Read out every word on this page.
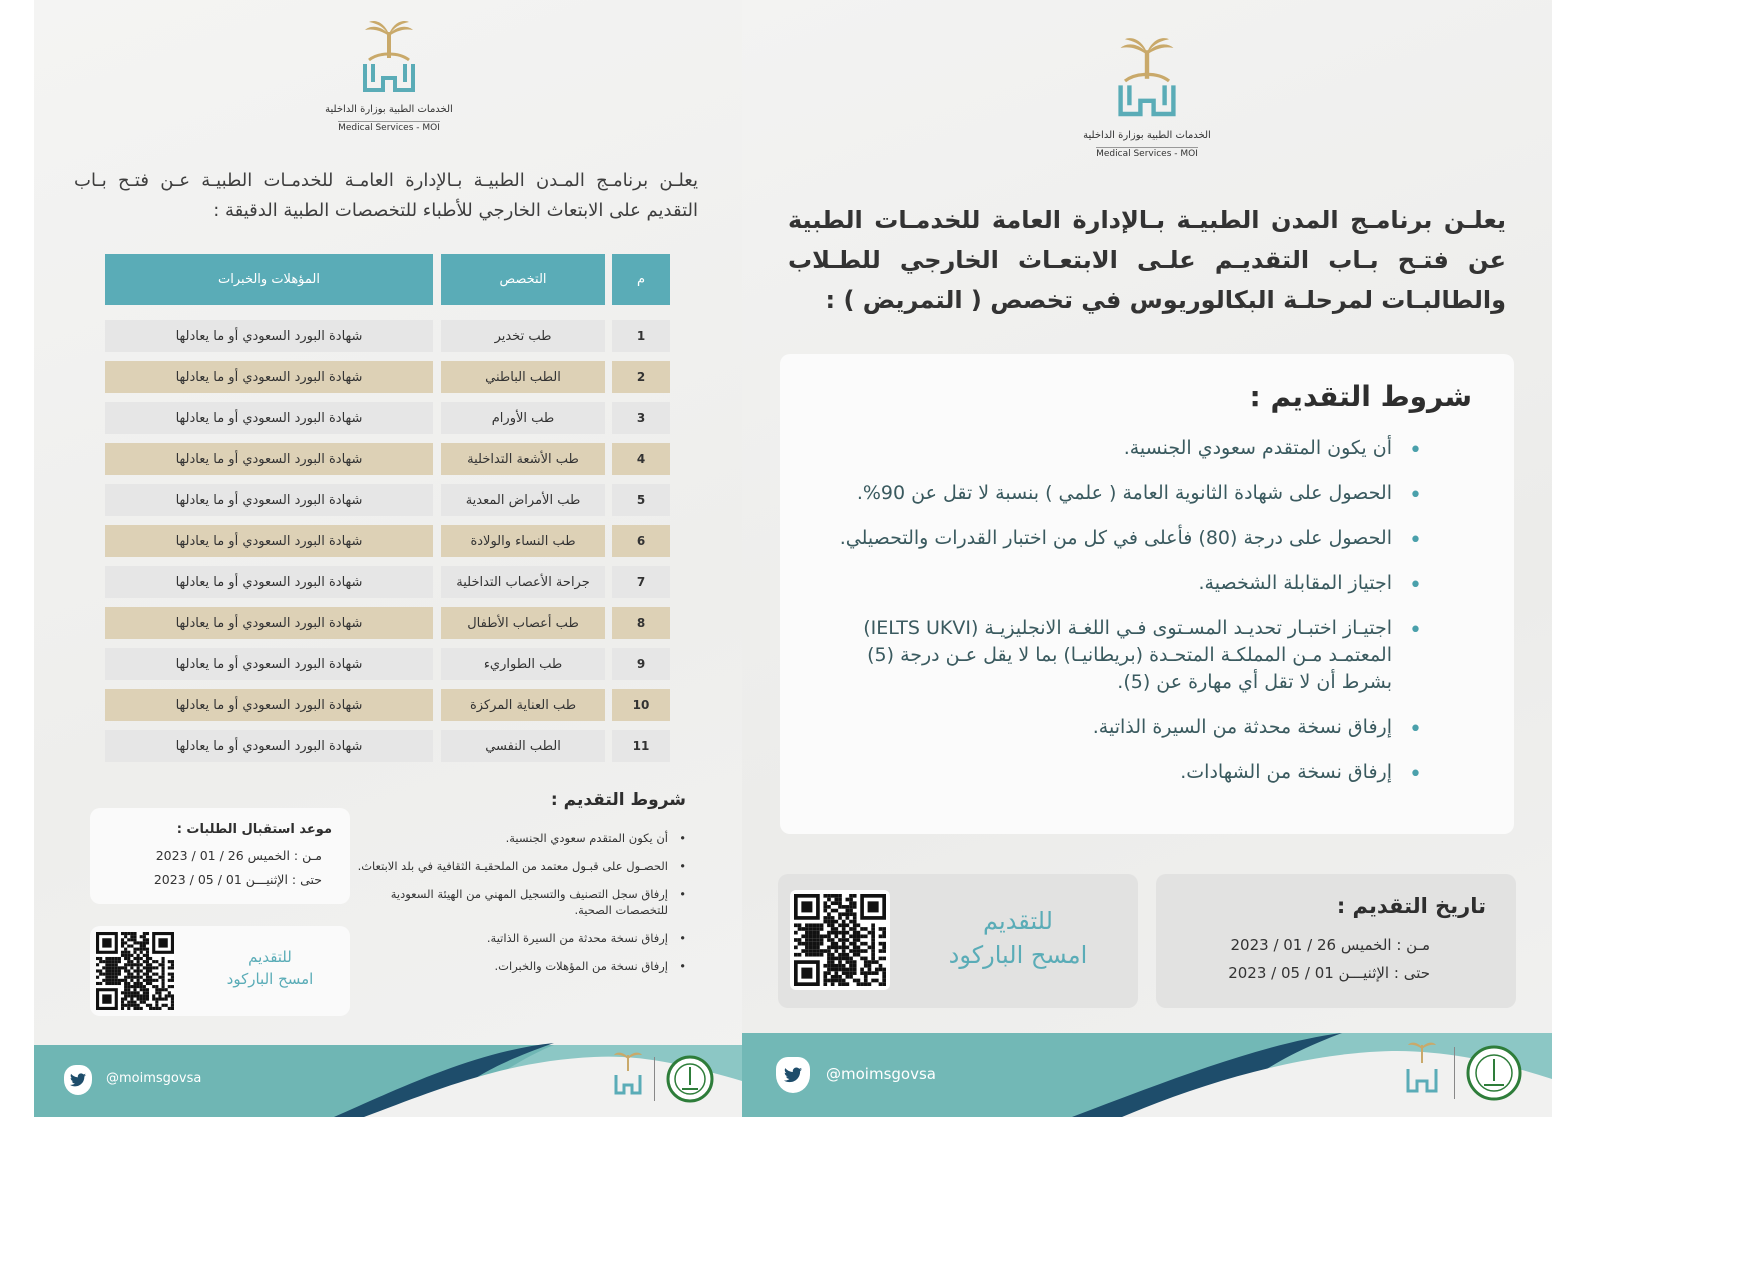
الخدمات الطبية بوزارة الداخلية
Medical Services - MOI
يعلـن برنامـج المـدن الطبيـة بـالإدارة العامـة للخدمـات الطبيـة عـن فتـح بـاب التقديم على الابتعاث الخارجي للأطباء للتخصصات الطبية الدقيقة :
م
التخصص
المؤهلات والخبرات
1
طب تخدير
شهادة البورد السعودي أو ما يعادلها
2
الطب الباطني
شهادة البورد السعودي أو ما يعادلها
3
طب الأورام
شهادة البورد السعودي أو ما يعادلها
4
طب الأشعة التداخلية
شهادة البورد السعودي أو ما يعادلها
5
طب الأمراض المعدية
شهادة البورد السعودي أو ما يعادلها
6
طب النساء والولادة
شهادة البورد السعودي أو ما يعادلها
7
جراحة الأعصاب التداخلية
شهادة البورد السعودي أو ما يعادلها
8
طب أعصاب الأطفال
شهادة البورد السعودي أو ما يعادلها
9
طب الطواريء
شهادة البورد السعودي أو ما يعادلها
10
طب العناية المركزة
شهادة البورد السعودي أو ما يعادلها
11
الطب النفسي
شهادة البورد السعودي أو ما يعادلها
شروط التقديم :
• أن يكون المتقدم سعودي الجنسية.
• الحصـول على قبـول معتمد من الملحقيـة الثقافية في بلد الابتعاث.
• إرفاق سجل التصنيف والتسجيل المهني من الهيئة السعودية للتخصصات الصحية.
• إرفاق نسخة محدثة من السيرة الذاتية.
• إرفاق نسخة من المؤهلات والخبرات.
موعد استقبال الطلبات :
مـن : الخميس 26 / 01 / 2023
حتى : الإثنيـــن 01 / 05 / 2023
للتقديم
امسح الباركود
@moimsgovsa
الخدمات الطبية بوزارة الداخلية
Medical Services - MOI
يعلـن برنامـج المدن الطبيـة بـالإدارة العامة للخدمـات الطبية عن فتـح بـاب التقديـم علـى الابتعـاث الخارجي للطـلاب والطالبـات لمرحلـة البكالوريوس في تخصص ( التمريض ) :
شروط التقديم :
• أن يكون المتقدم سعودي الجنسية.
• الحصول على شهادة الثانوية العامة ( علمي ) بنسبة لا تقل عن 90%.
• الحصول على درجة (80) فأعلى في كل من اختبار القدرات والتحصيلي.
• اجتياز المقابلة الشخصية.
• اجتيـاز اختبـار تحديـد المسـتوى فـي اللغـة الانجليزيـة (IELTS UKVI) المعتمـد مـن المملكـة المتحـدة (بريطانيـا) بما لا يقل عـن درجة (5) بشرط أن لا تقل أي مهارة عن (5).
• إرفاق نسخة محدثة من السيرة الذاتية.
• إرفاق نسخة من الشهادات.
للتقديم
امسح الباركود
تاريخ التقديم :
مـن : الخميس 26 / 01 / 2023
حتى : الإثنيـــن 01 / 05 / 2023
@moimsgovsa
